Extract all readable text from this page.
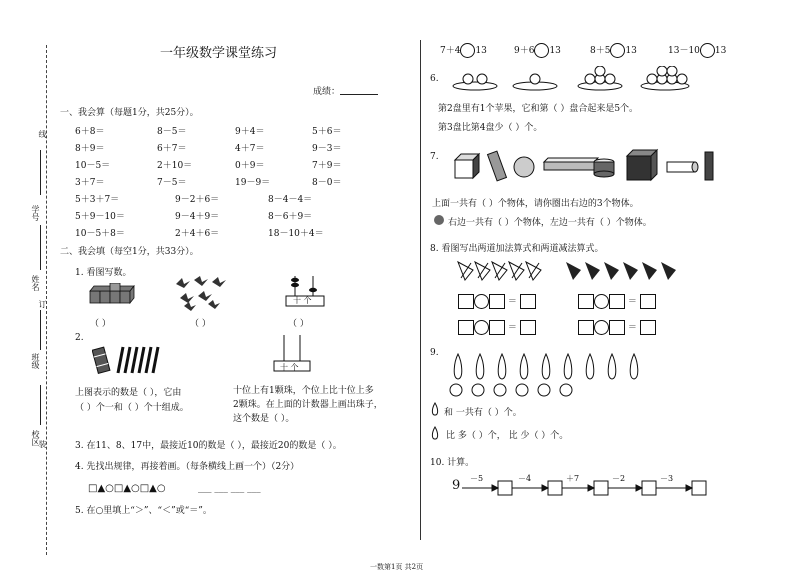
线
学号
姓名
订
班级
校区
装
一年级数学课堂练习
成绩：
一、我会算（每题1分，共25分）。
6＋8＝	8－5＝	9＋4＝	5＋6＝
8＋9＝	6＋7＝	4＋7＝	9－3＝
10－5＝	2＋10＝	0＋9＝	7＋9＝
3＋7＝	7－5＝	19－9＝	8－0＝
5＋3＋7＝	9－2＋6＝	8－4－4＝
5＋9－10＝	9－4＋9＝	8－6＋9＝
10－5＋8＝	2＋4＋6＝	18－10＋4＝
二、我会填（每空1分，共33分）。
1. 看图写数。
十 个
（ ）	（ ）	（ ）
2.
十 个
上图表示的数是（ ），它由
（ ）个一和（ ）个十组成。
十位上有1颗珠，个位上比十位上多
2颗珠。在上面的计数器上画出珠子，
这个数是（ ）。
3. 在11、8、17中，最接近10的数是（ ），最接近20的数是（ ）。
4. 先找出规律，再接着画。（每条横线上画一个）（2分）
□▲○□▲○□▲○	___ ___ ___ ___
5. 在○里填上“＞”、“＜”或“＝”。
7＋4 13	9＋6 13	8＋5 13	13－10 13
6.
第2盘里有1个苹果，它和第（ ）盘合起来是5个。
第3盘比第4盘少（ ）个。
7.
上面一共有（ ）个物体，请你圈出右边的3个物体。
右边一共有（ ）个物体，左边一共有（ ）个物体。
8. 看图写出两道加法算式和两道减法算式。
＝	＝
＝	＝
9.
和 一共有（ ）个。
比 多（ ）个， 比 少（ ）个。
10. 计算。
9 －5	－4	＋7	－2	－3
一数第1页 共2页
